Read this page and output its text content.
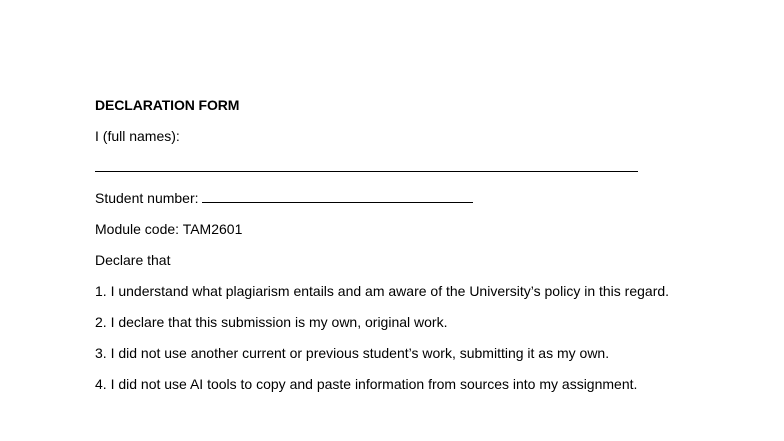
DECLARATION FORM
I (full names):
Student number:
Module code: TAM2601
Declare that
1. I understand what plagiarism entails and am aware of the University’s policy in this regard.
2. I declare that this submission is my own, original work.
3. I did not use another current or previous student’s work, submitting it as my own.
4. I did not use AI tools to copy and paste information from sources into my assignment.
